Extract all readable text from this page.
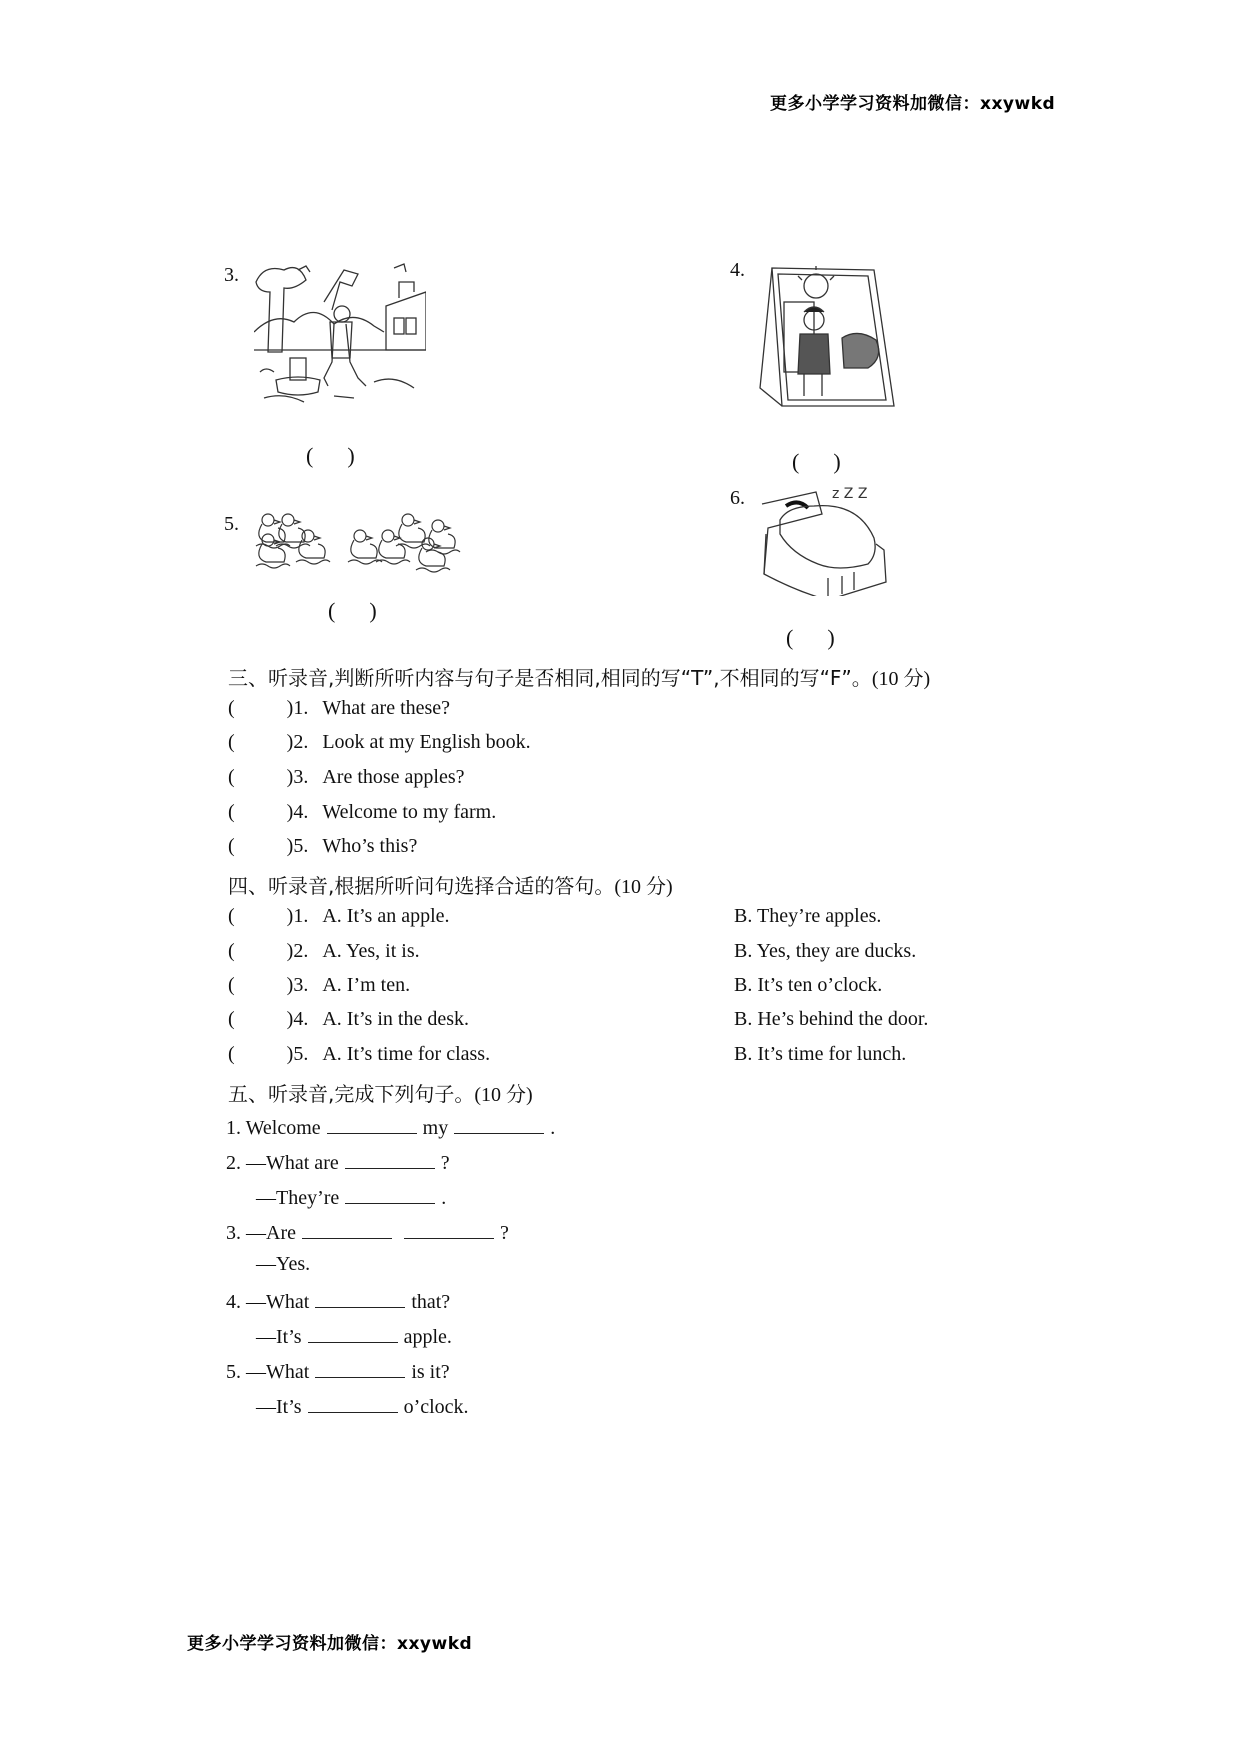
更多小学学习资料加微信：xxywkd
更多小学学习资料加微信：xxywkd
3.
( )
4.
( )
5.
( )
6.	z Z Z
( )
三、听录音,判断所听内容与句子是否相同,相同的写“T”,不相同的写“F”。(10 分)
(	)1. What are these?
(	)2. Look at my English book.
(	)3. Are those apples?
(	)4. Welcome to my farm.
(	)5. Who’s this?
四、听录音,根据所听问句选择合适的答句。(10 分)
(	)1. A. It’s an apple.	B. They’re apples.
(	)2. A. Yes, it is.	B. Yes, they are ducks.
(	)3. A. I’m ten.	B. It’s ten o’clock.
(	)4. A. It’s in the desk.	B. He’s behind the door.
(	)5. A. It’s time for class.	B. It’s time for lunch.
五、听录音,完成下列句子。(10 分)
1. Welcome	my	.
2. —What are	?
—They’re	.
3. —Are	?
—Yes.
4. —What	that?
—It’s	apple.
5. —What	is it?
—It’s	o’clock.
